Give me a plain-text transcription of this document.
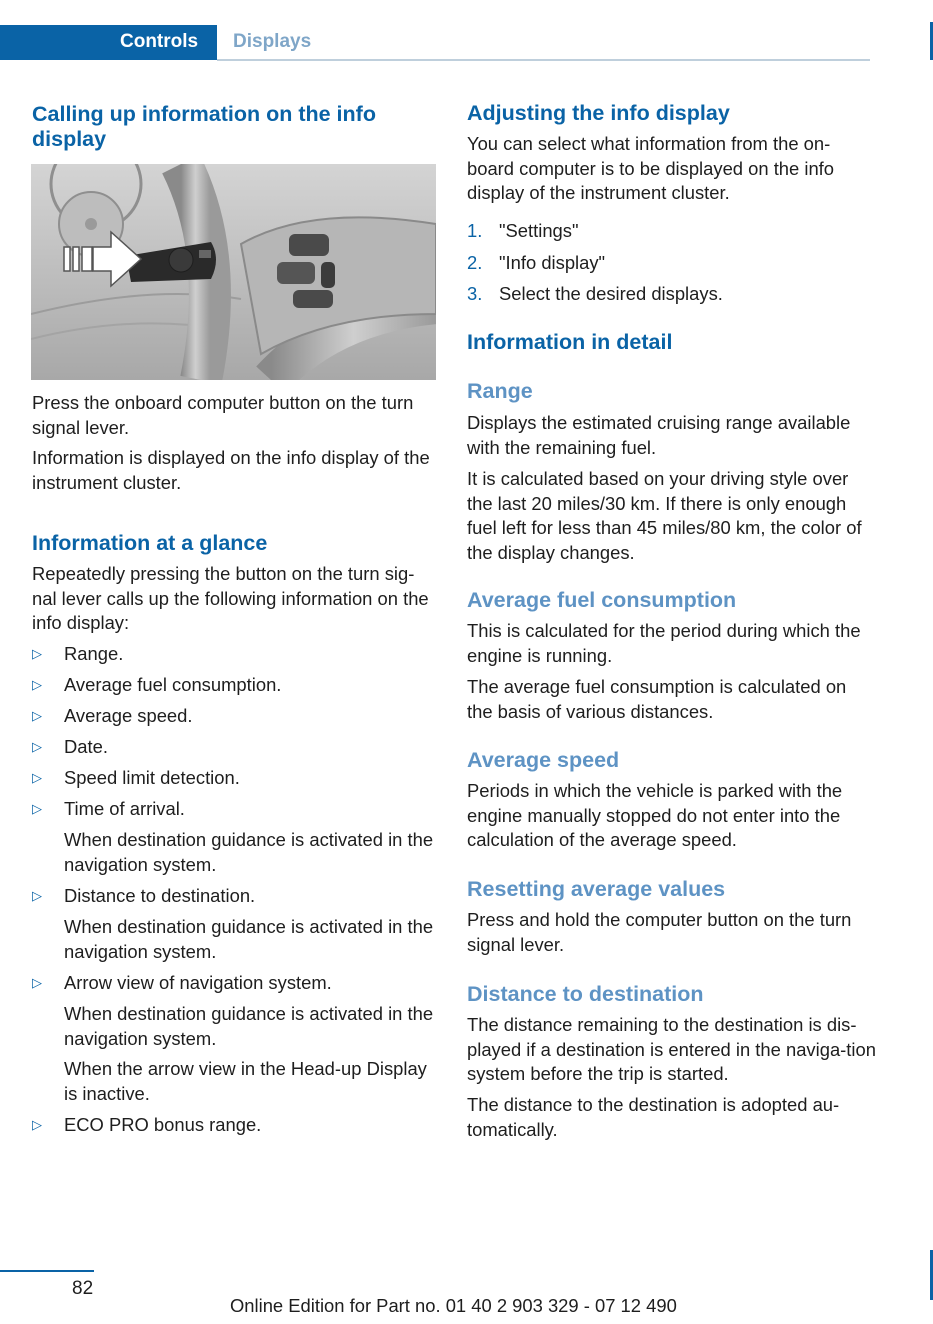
Controls Displays
Calling up information on the info display

Press the onboard computer button on the turn signal lever.

Information is displayed on the info display of the instrument cluster.

Information at a glance

Repeatedly pressing the button on the turn sig-nal lever calls up the following information on the info display:

▷ Range.
▷ Average fuel consumption.
▷ Average speed.
▷ Date.
▷ Speed limit detection.
▷ Time of arrival.

When destination guidance is activated in the navigation system.

▷ Distance to destination.

When destination guidance is activated in the navigation system.

▷ Arrow view of navigation system.

When destination guidance is activated in the navigation system.

When the arrow view in the Head-up Display is inactive.

▷ ECO PRO bonus range.
Adjusting the info display

You can select what information from the on-board computer is to be displayed on the info display of the instrument cluster.

1. "Settings"
2. "Info display"
3. Select the desired displays.
Information in detail
Range

Displays the estimated cruising range available with the remaining fuel.

It is calculated based on your driving style over the last 20 miles/30 km. If there is only enough fuel left for less than 45 miles/80 km, the color of the display changes.

Average fuel consumption

This is calculated for the period during which the engine is running.

The average fuel consumption is calculated on the basis of various distances.

Average speed

Periods in which the vehicle is parked with the engine manually stopped do not enter into the calculation of the average speed.

Resetting average values

Press and hold the computer button on the turn signal lever.

Distance to destination

The distance remaining to the destination is dis-played if a destination is entered in the naviga-tion system before the trip is started.

The distance to the destination is adopted au-tomatically.

82
Online Edition for Part no. 01 40 2 903 329 - 07 12 490
